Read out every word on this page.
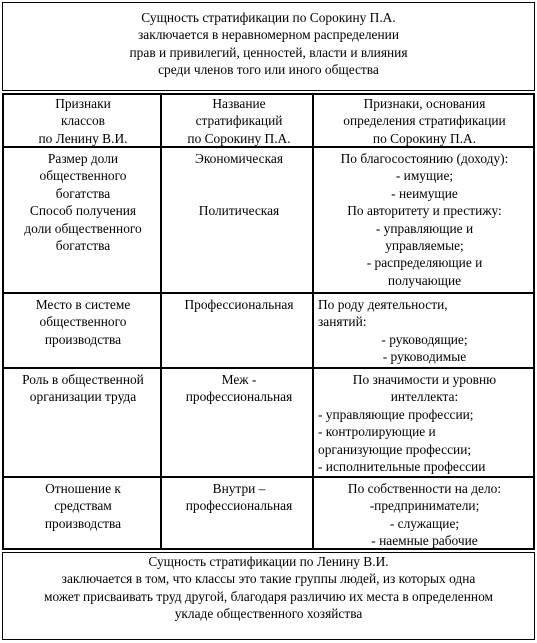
Сущность стратификации по Сорокину П.А.
заключается в неравномерном распределении
прав и привилегий, ценностей, власти и влияния
среди членов того или иного общества
Признаки
классов
по Ленину В.И.
Название
стратификаций
по Сорокину П.А.
Признаки, основания
определения стратификации
по Сорокину П.А.
Размер доли
общественного
богатства
Способ получения
доли общественного
богатства
Экономическая

Политическая
По благосостоянию (доходу):
- имущие;
- неимущие
По авторитету и престижу:
- управляющие и
управляемые;
- распределяющие и
получающие
Место в системе
общественного
производства
Профессиональная	По роду деятельности,
занятий:
- руководящие;
- руководимые
Роль в общественной
организации труда
Меж -
профессиональная
По значимости и уровню
интеллекта:
- управляющие профессии;
- контролирующие и
организующие профессии;
- исполнительные профессии
Отношение к
средствам
производства
Внутри –
профессиональная
По собственности на дело:
-предприниматели;
- служащие;
- наемные рабочие
Сущность стратификации по Ленину В.И.
заключается в том, что классы это такие группы людей, из которых одна
может присваивать труд другой, благодаря различию их места в определенном
укладе общественного хозяйства
